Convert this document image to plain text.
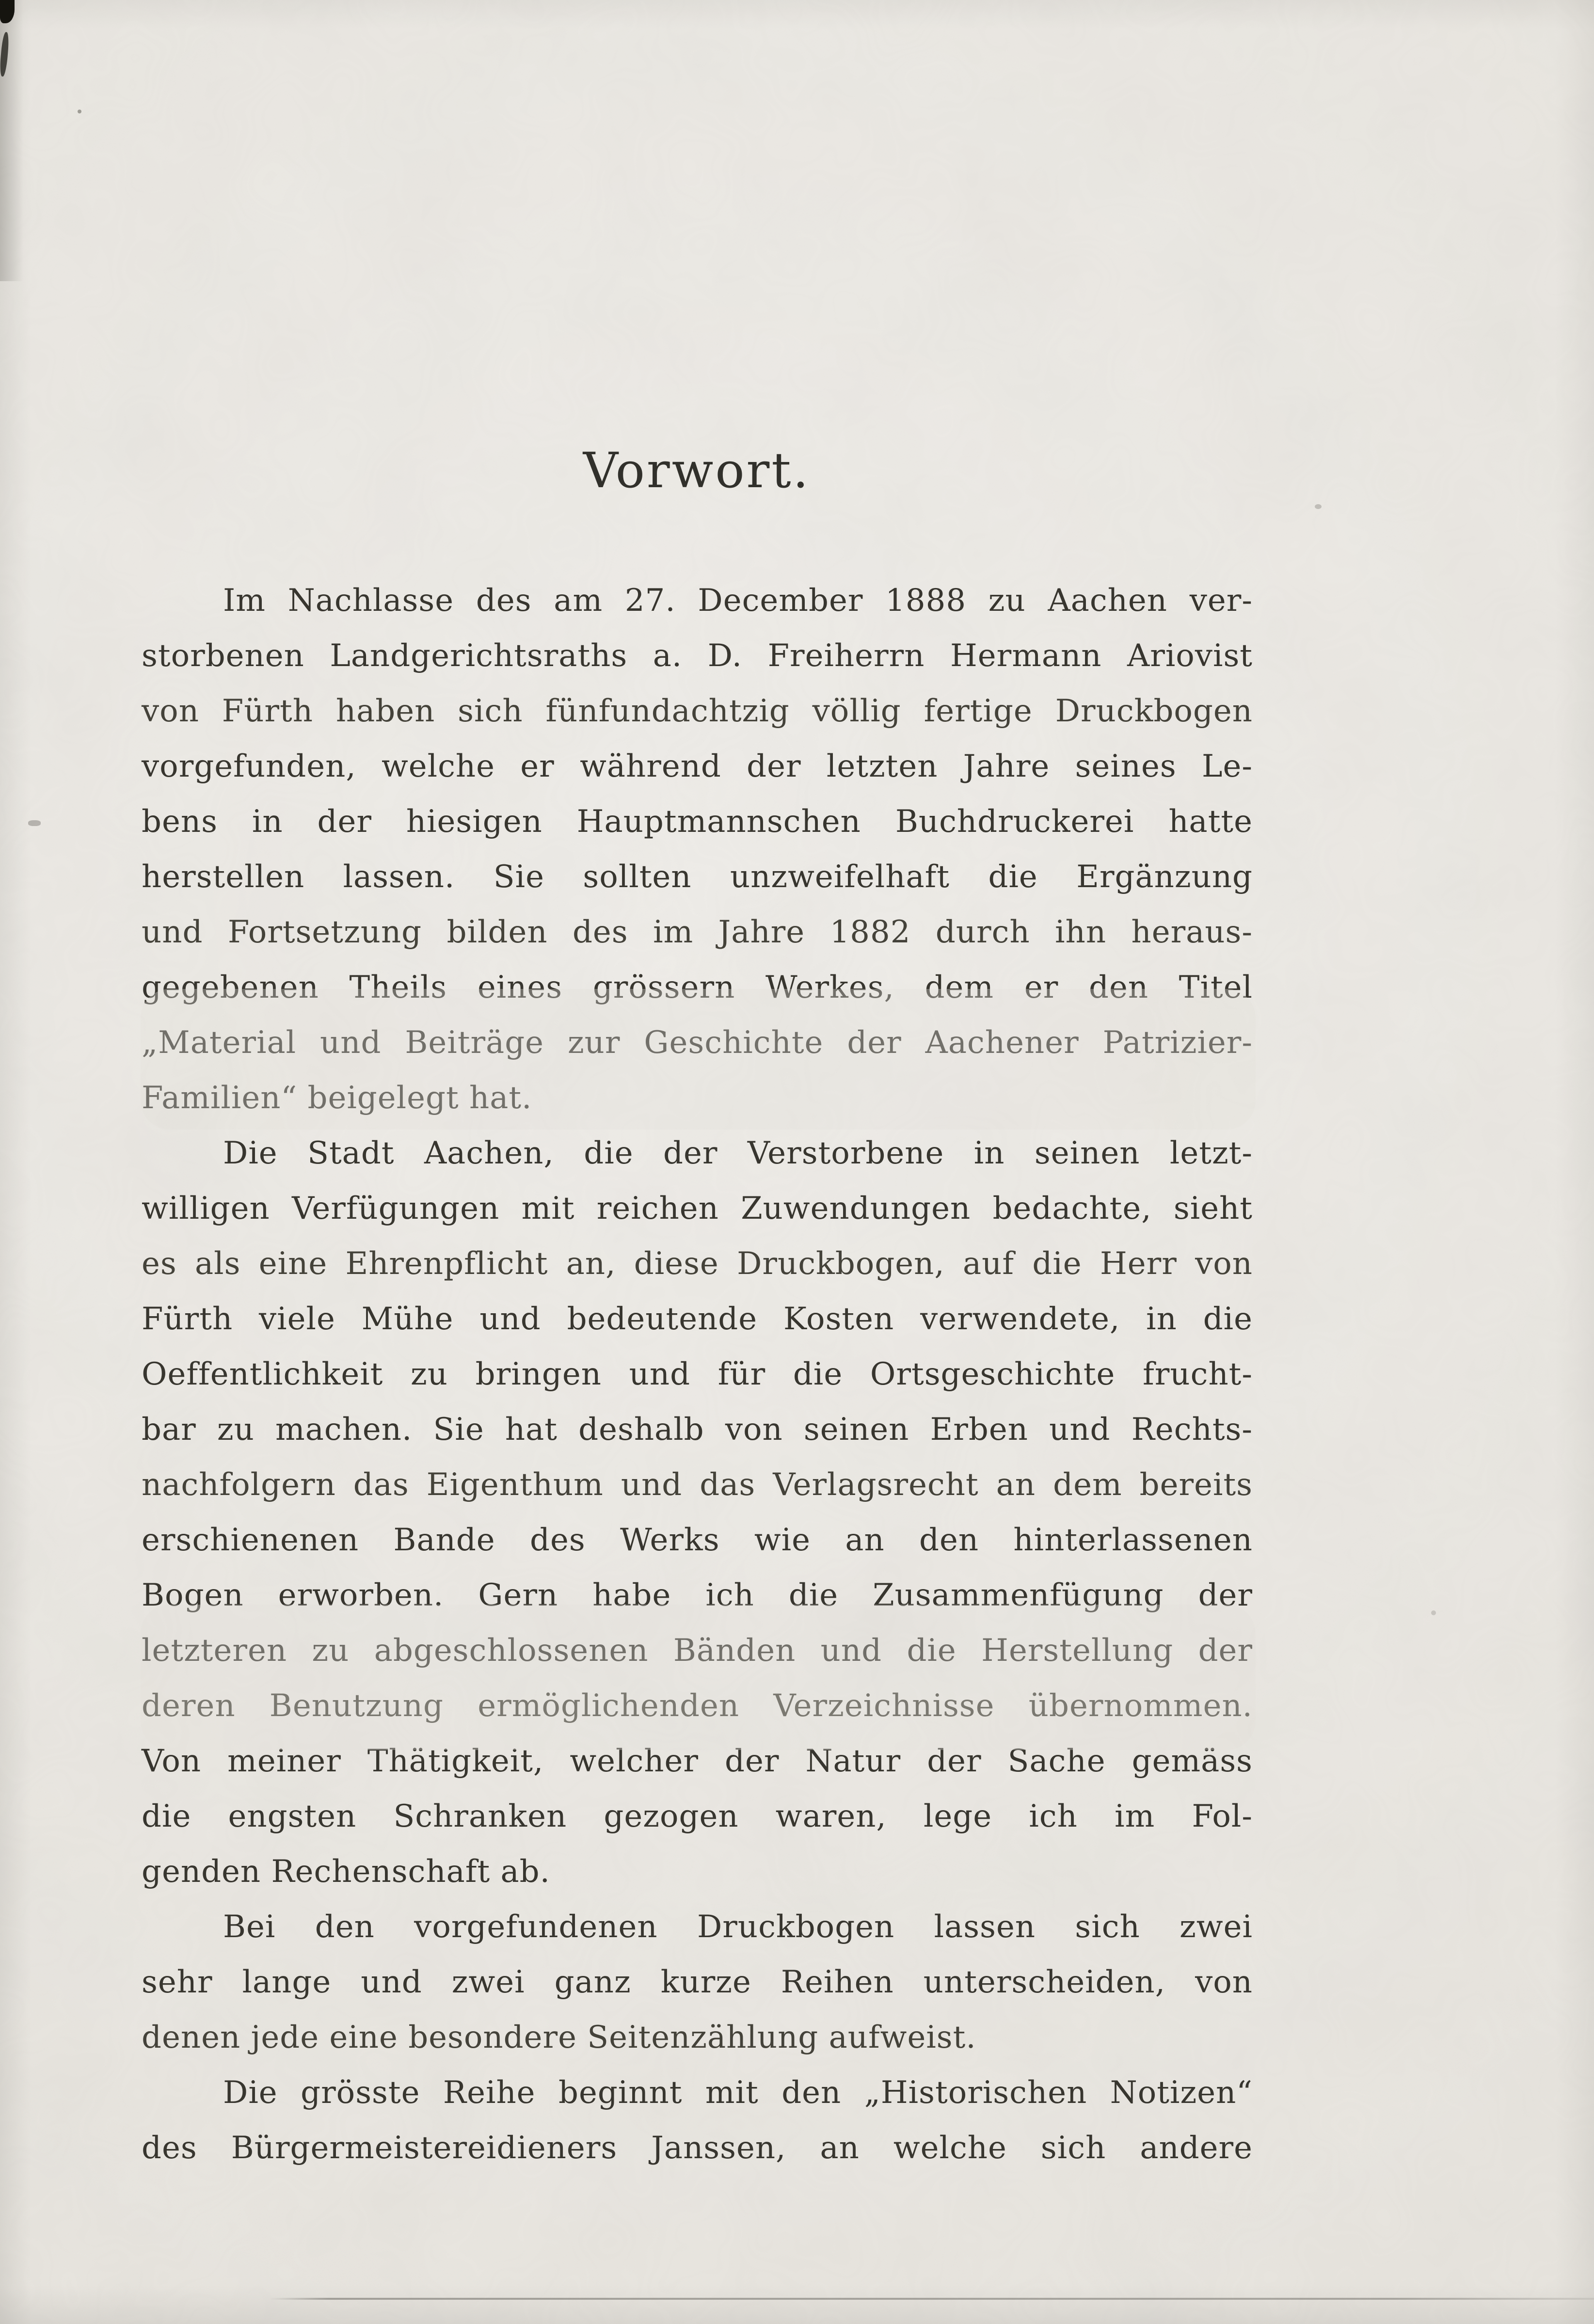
Vorwort.
Im Nachlasse des am 27. December 1888 zu Aachen ver-
storbenen Landgerichtsraths a. D. Freiherrn Hermann Ariovist
von Fürth haben sich fünfundachtzig völlig fertige Druckbogen
vorgefunden, welche er während der letzten Jahre seines Le-
bens in der hiesigen Hauptmannschen Buchdruckerei hatte
herstellen lassen. Sie sollten unzweifelhaft die Ergänzung
und Fortsetzung bilden des im Jahre 1882 durch ihn heraus-
gegebenen Theils eines grössern Werkes, dem er den Titel
„Material und Beiträge zur Geschichte der Aachener Patrizier-
Familien“ beigelegt hat.
Die Stadt Aachen, die der Verstorbene in seinen letzt-
willigen Verfügungen mit reichen Zuwendungen bedachte, sieht
es als eine Ehrenpflicht an, diese Druckbogen, auf die Herr von
Fürth viele Mühe und bedeutende Kosten verwendete, in die
Oeffentlichkeit zu bringen und für die Ortsgeschichte frucht-
bar zu machen. Sie hat deshalb von seinen Erben und Rechts-
nachfolgern das Eigenthum und das Verlagsrecht an dem bereits
erschienenen Bande des Werks wie an den hinterlassenen
Bogen erworben. Gern habe ich die Zusammenfügung der
letzteren zu abgeschlossenen Bänden und die Herstellung der
deren Benutzung ermöglichenden Verzeichnisse übernommen.
Von meiner Thätigkeit, welcher der Natur der Sache gemäss
die engsten Schranken gezogen waren, lege ich im Fol-
genden Rechenschaft ab.
Bei den vorgefundenen Druckbogen lassen sich zwei
sehr lange und zwei ganz kurze Reihen unterscheiden, von
denen jede eine besondere Seitenzählung aufweist.
Die grösste Reihe beginnt mit den „Historischen Notizen“
des Bürgermeistereidieners Janssen, an welche sich andere
